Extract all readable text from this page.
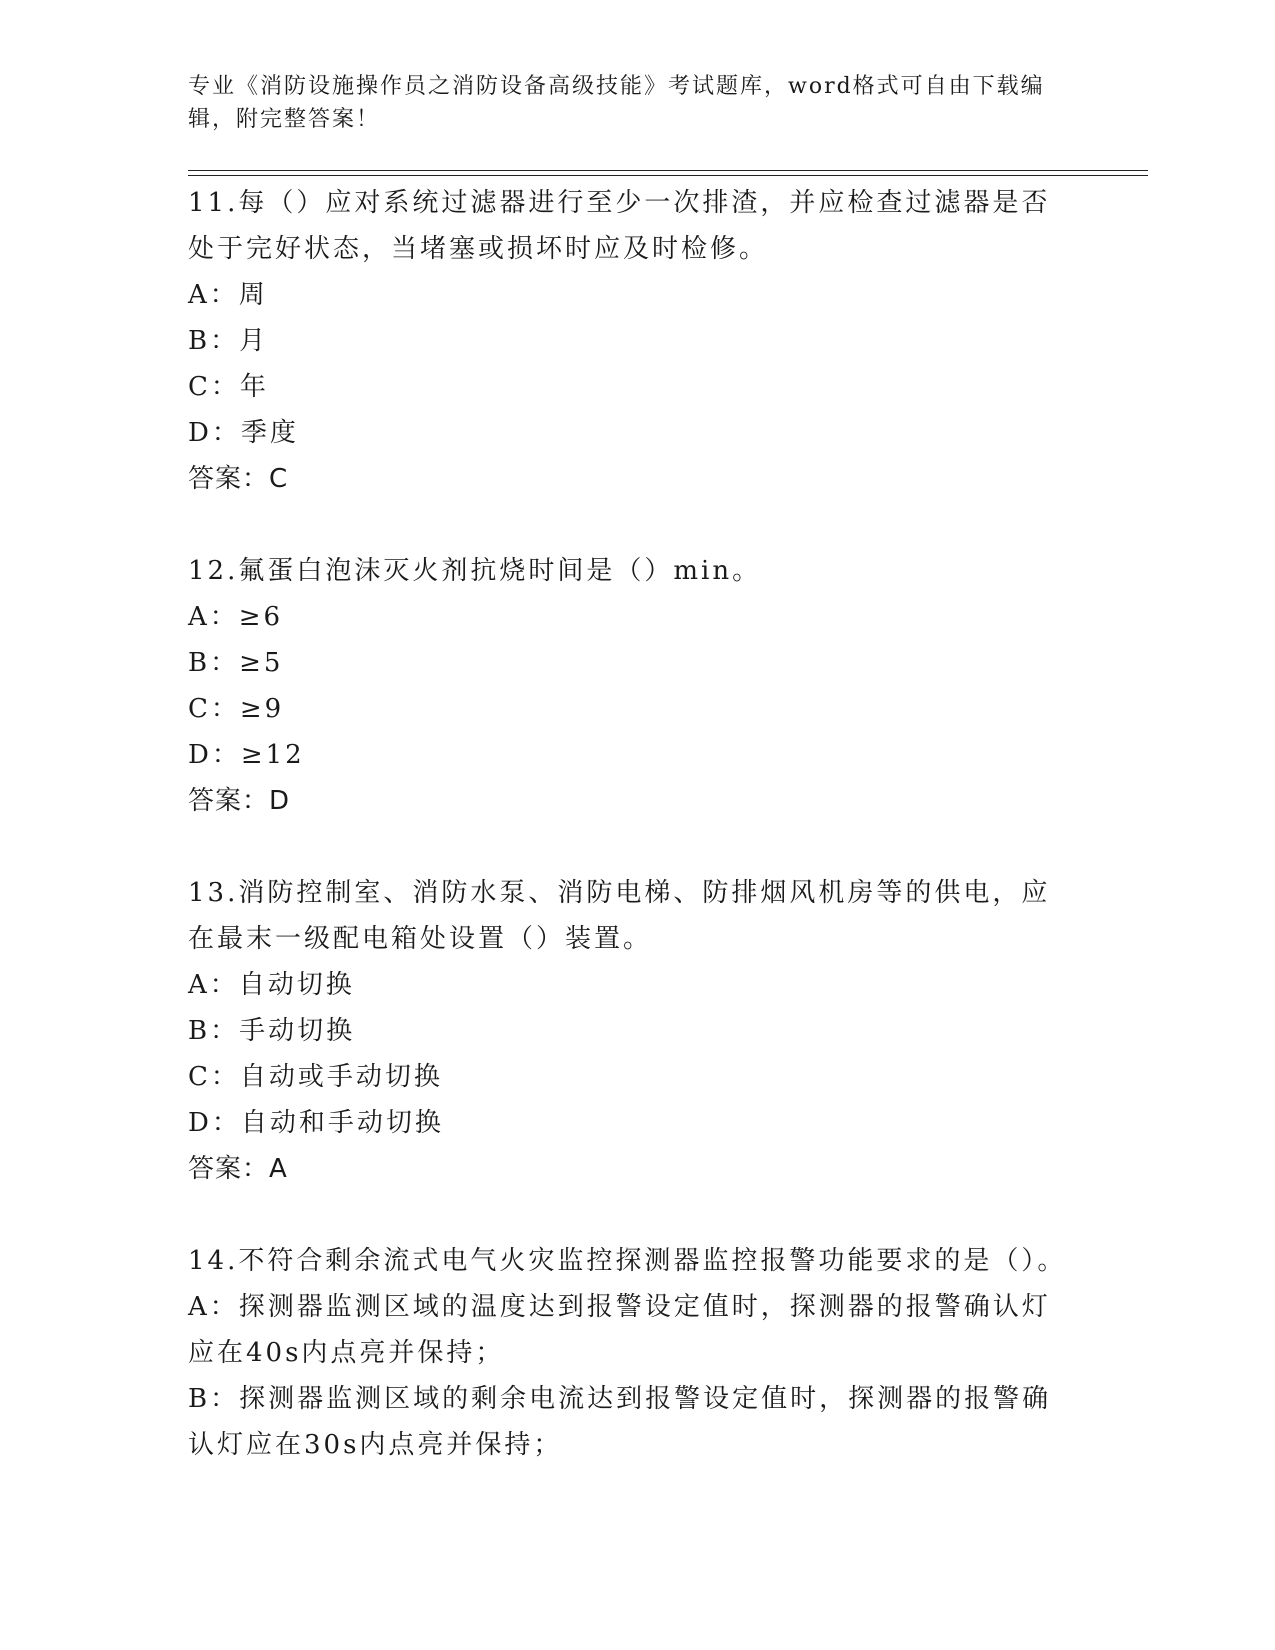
专业《消防设施操作员之消防设备高级技能》考试题库，word格式可自由下载编辑，附完整答案！
11.每（）应对系统过滤器进行至少一次排渣，并应检查过滤器是否处于完好状态，当堵塞或损坏时应及时检修。
A：周
B：月
C：年
D：季度
答案：C
12.氟蛋白泡沫灭火剂抗烧时间是（）min。
A：≥6
B：≥5
C：≥9
D：≥12
答案：D
13.消防控制室、消防水泵、消防电梯、防排烟风机房等的供电，应在最末一级配电箱处设置（）装置。
A：自动切换
B：手动切换
C：自动或手动切换
D：自动和手动切换
答案：A
14.不符合剩余流式电气火灾监控探测器监控报警功能要求的是（）。
A：探测器监测区域的温度达到报警设定值时，探测器的报警确认灯应在40s内点亮并保持；
B：探测器监测区域的剩余电流达到报警设定值时，探测器的报警确认灯应在30s内点亮并保持；
